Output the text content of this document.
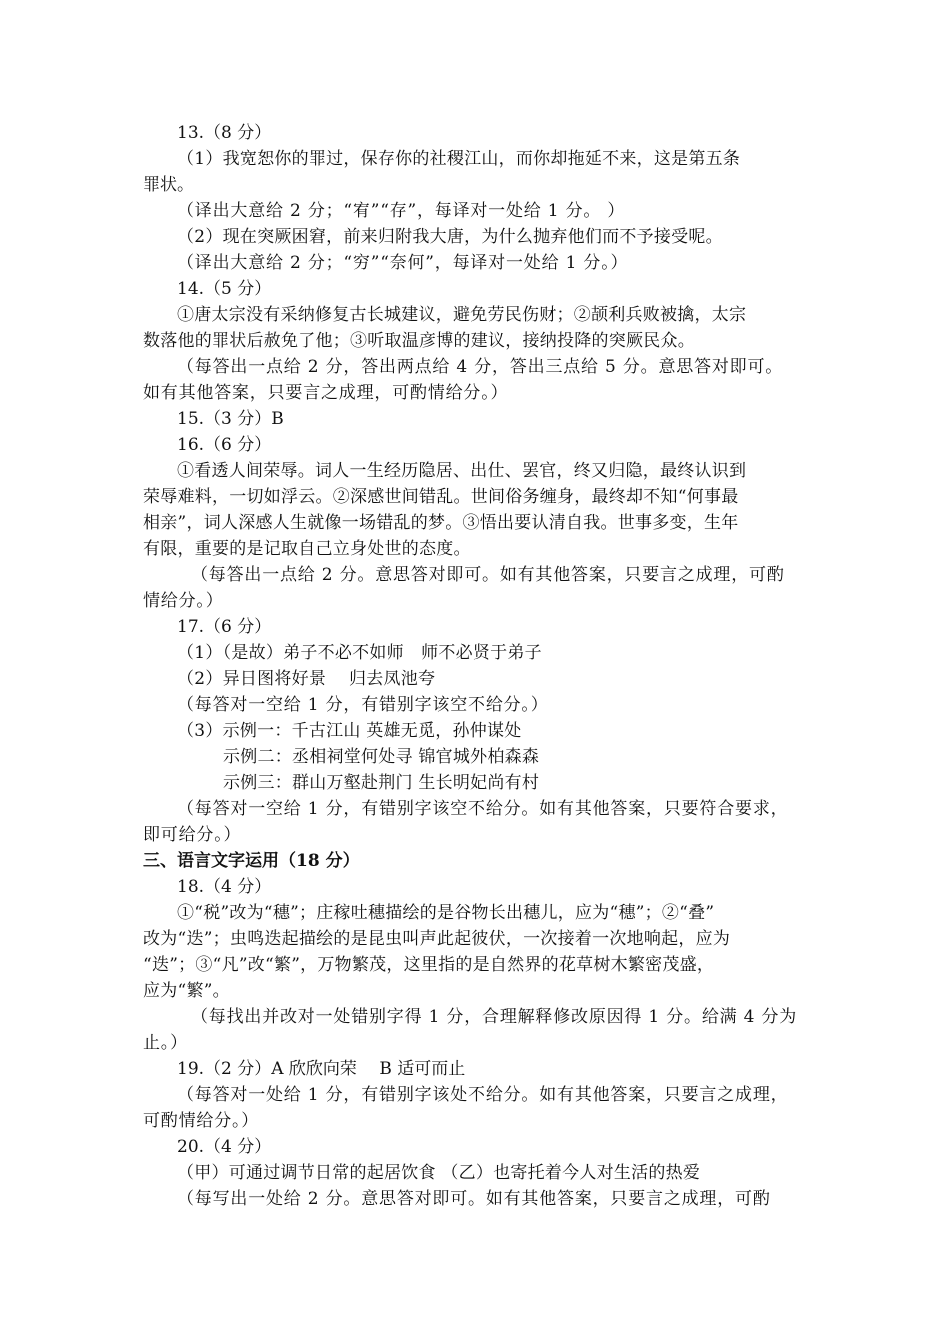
13.（8 分）
（1）我宽恕你的罪过，保存你的社稷江山，而你却拖延不来，这是第五条
罪状。
（译出大意给 2 分；“宥”“存”，每译对一处给 1 分。 ）
（2）现在突厥困窘，前来归附我大唐，为什么抛弃他们而不予接受呢。
（译出大意给 2 分；“穷”“奈何”，每译对一处给 1 分。）
14.（5 分）
①唐太宗没有采纳修复古长城建议，避免劳民伤财；②颉利兵败被擒，太宗
数落他的罪状后赦免了他；③听取温彦博的建议，接纳投降的突厥民众。
（每答出一点给 2 分，答出两点给 4 分，答出三点给 5 分。意思答对即可。
如有其他答案，只要言之成理，可酌情给分。）
15.（3 分）B
16.（6 分）
①看透人间荣辱。词人一生经历隐居、出仕、罢官，终又归隐，最终认识到
荣辱难料，一切如浮云。②深感世间错乱。世间俗务缠身，最终却不知“何事最
相亲”，词人深感人生就像一场错乱的梦。③悟出要认清自我。世事多变，生年
有限，重要的是记取自己立身处世的态度。
（每答出一点给 2 分。意思答对即可。如有其他答案，只要言之成理，可酌
情给分。）
17.（6 分）
（1）（是故）弟子不必不如师　师不必贤于弟子
（2）异日图将好景　 归去凤池夸
（每答对一空给 1 分，有错别字该空不给分。）
（3）示例一：千古江山 英雄无觅，孙仲谋处
示例二：丞相祠堂何处寻 锦官城外柏森森
示例三：群山万壑赴荆门 生长明妃尚有村
（每答对一空给 1 分，有错别字该空不给分。如有其他答案，只要符合要求，
即可给分。）
三、语言文字运用（18 分）
18.（4 分）
①“税”改为“穗”；庄稼吐穗描绘的是谷物长出穗儿，应为“穗”；②“叠”
改为“迭”；虫鸣迭起描绘的是昆虫叫声此起彼伏，一次接着一次地响起，应为
“迭”；③“凡”改“繁”，万物繁茂，这里指的是自然界的花草树木繁密茂盛，
应为“繁”。
（每找出并改对一处错别字得 1 分，合理解释修改原因得 1 分。给满 4 分为
止。）
19.（2 分）A 欣欣向荣　 B 适可而止
（每答对一处给 1 分，有错别字该处不给分。如有其他答案，只要言之成理，
可酌情给分。）
20.（4 分）
（甲）可通过调节日常的起居饮食 （乙）也寄托着今人对生活的热爱
（每写出一处给 2 分。意思答对即可。如有其他答案，只要言之成理，可酌
